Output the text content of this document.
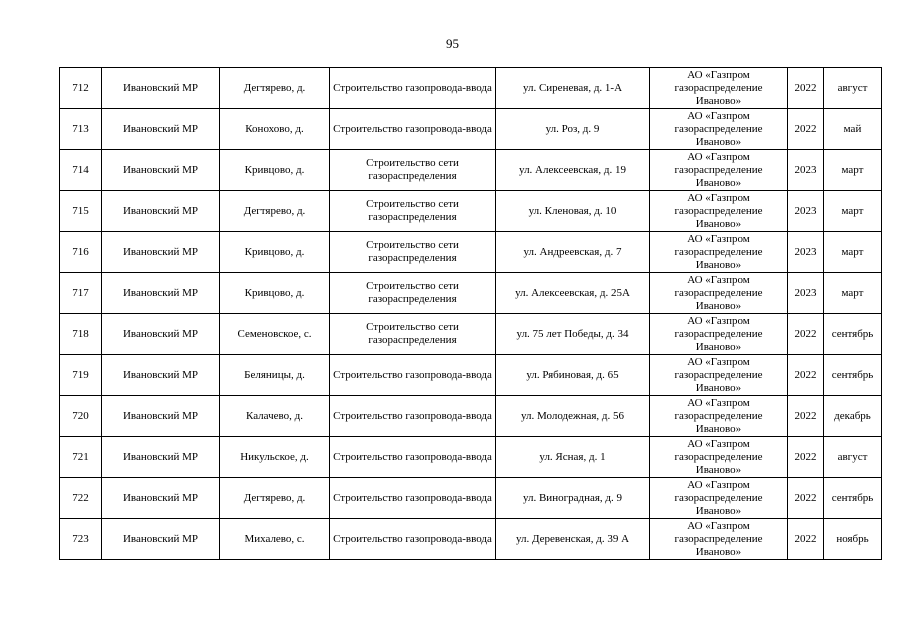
95
712	Ивановский МР	Дегтярево, д.	Строительство газопровода-ввода	ул. Сиреневая, д. 1-А	АО «Газпром газораспределение Иваново»	2022	август
713	Ивановский МР	Конохово, д.	Строительство газопровода-ввода	ул. Роз, д. 9	АО «Газпром газораспределение Иваново»	2022	май
714	Ивановский МР	Кривцово, д.	Строительство сети газораспределения	ул. Алексеевская, д. 19	АО «Газпром газораспределение Иваново»	2023	март
715	Ивановский МР	Дегтярево, д.	Строительство сети газораспределения	ул. Кленовая, д. 10	АО «Газпром газораспределение Иваново»	2023	март
716	Ивановский МР	Кривцово, д.	Строительство сети газораспределения	ул. Андреевская, д. 7	АО «Газпром газораспределение Иваново»	2023	март
717	Ивановский МР	Кривцово, д.	Строительство сети газораспределения	ул. Алексеевская, д. 25А	АО «Газпром газораспределение Иваново»	2023	март
718	Ивановский МР	Семеновское, с.	Строительство сети газораспределения	ул. 75 лет Победы, д. 34	АО «Газпром газораспределение Иваново»	2022	сентябрь
719	Ивановский МР	Беляницы, д.	Строительство газопровода-ввода	ул. Рябиновая, д. 65	АО «Газпром газораспределение Иваново»	2022	сентябрь
720	Ивановский МР	Калачево, д.	Строительство газопровода-ввода	ул. Молодежная, д. 56	АО «Газпром газораспределение Иваново»	2022	декабрь
721	Ивановский МР	Никульское, д.	Строительство газопровода-ввода	ул. Ясная, д. 1	АО «Газпром газораспределение Иваново»	2022	август
722	Ивановский МР	Дегтярево, д.	Строительство газопровода-ввода	ул. Виноградная, д. 9	АО «Газпром газораспределение Иваново»	2022	сентябрь
723	Ивановский МР	Михалево, с.	Строительство газопровода-ввода	ул. Деревенская, д. 39 А	АО «Газпром газораспределение Иваново»	2022	ноябрь
